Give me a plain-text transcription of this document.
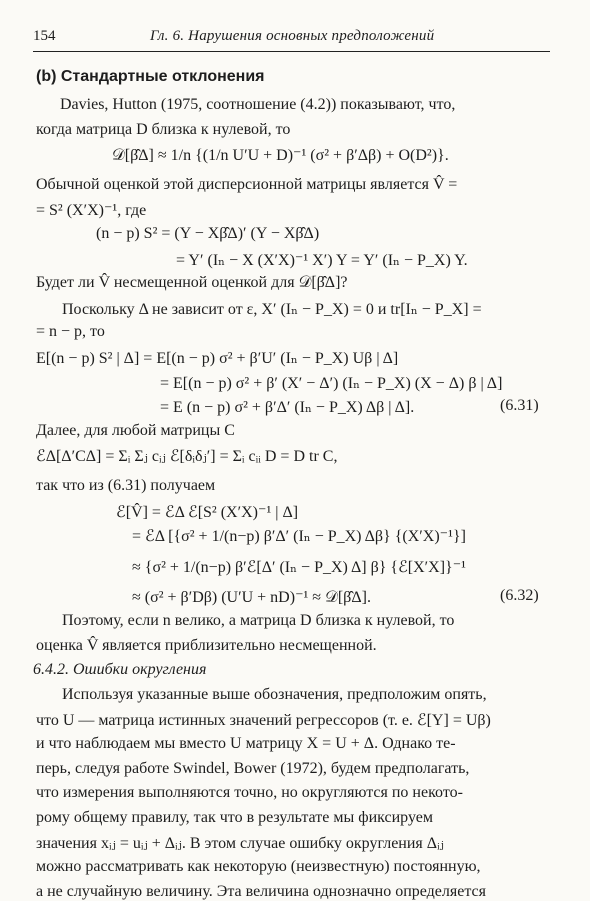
154	Гл. 6. Нарушения основных предположений
(b) Стандартные отклонения
Davies, Hutton (1975, соотношение (4.2)) показывают, что,
когда матрица D близка к нулевой, то
𝒟[β̂Δ] ≈ 1/n {(1/n U′U + D)⁻¹ (σ² + β′Δβ) + O(D²)}.
Обычной оценкой этой дисперсионной матрицы является V̂ =
= S² (X′X)⁻¹, где
(n − p) S² = (Y − Xβ̂Δ)′ (Y − Xβ̂Δ)
= Y′ (Iₙ − X (X′X)⁻¹ X′) Y = Y′ (Iₙ − P_X) Y.
Будет ли V̂ несмещенной оценкой для 𝒟[β̂Δ]?
Поскольку Δ не зависит от ε, X′ (Iₙ − P_X) = 0 и tr[Iₙ − P_X] =
= n − p, то
E[(n − p) S² | Δ] = E[(n − p) σ² + β′U′ (Iₙ − P_X) Uβ | Δ]
= E[(n − p) σ² + β′ (X′ − Δ′) (Iₙ − P_X) (X − Δ) β | Δ]
= E (n − p) σ² + β′Δ′ (Iₙ − P_X) Δβ | Δ].	(6.31)
Далее, для любой матрицы C
ℰΔ[Δ′CΔ] = Σᵢ Σⱼ cᵢⱼ ℰ[δᵢδⱼ′] = Σᵢ cᵢᵢ D = D tr C,
так что из (6.31) получаем
ℰ[V̂] = ℰΔ ℰ[S² (X′X)⁻¹ | Δ]
= ℰΔ [{σ² + 1/(n−p) β′Δ′ (Iₙ − P_X) Δβ} {(X′X)⁻¹}]
≈ {σ² + 1/(n−p) β′ℰ[Δ′ (Iₙ − P_X) Δ] β} {ℰ[X′X]}⁻¹
≈ (σ² + β′Dβ) (U′U + nD)⁻¹ ≈ 𝒟[β̂Δ].	(6.32)
Поэтому, если n велико, а матрица D близка к нулевой, то
оценка V̂ является приблизительно несмещенной.
6.4.2. Ошибки округления
Используя указанные выше обозначения, предположим опять,
что U — матрица истинных значений регрессоров (т. е. ℰ[Y] = Uβ)
и что наблюдаем мы вместо U матрицу X = U + Δ. Однако те-
перь, следуя работе Swindel, Bower (1972), будем предполагать,
что измерения выполняются точно, но округляются по некото-
рому общему правилу, так что в результате мы фиксируем
значения xᵢⱼ = uᵢⱼ + Δᵢⱼ. В этом случае ошибку округления Δᵢⱼ
можно рассматривать как некоторую (неизвестную) постоянную,
а не случайную величину. Эта величина однозначно определяется
